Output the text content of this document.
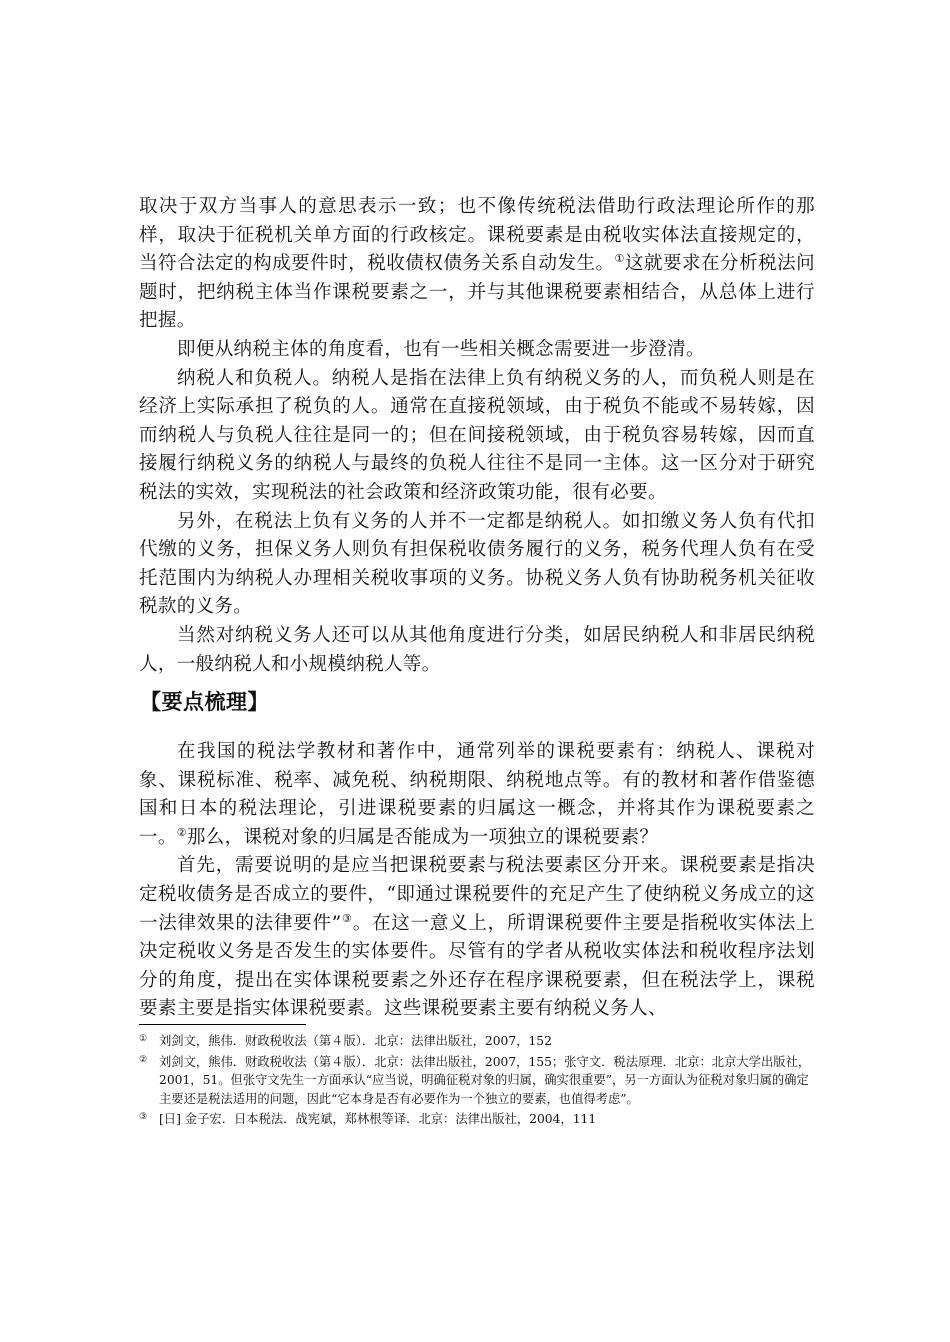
取决于双方当事人的意思表示一致；也不像传统税法借助行政法理论所作的那样，取决于征税机关单方面的行政核定。课税要素是由税收实体法直接规定的，当符合法定的构成要件时，税收债权债务关系自动发生。①这就要求在分析税法问题时，把纳税主体当作课税要素之一，并与其他课税要素相结合，从总体上进行把握。

即便从纳税主体的角度看，也有一些相关概念需要进一步澄清。

纳税人和负税人。纳税人是指在法律上负有纳税义务的人，而负税人则是在经济上实际承担了税负的人。通常在直接税领域，由于税负不能或不易转嫁，因而纳税人与负税人往往是同一的；但在间接税领域，由于税负容易转嫁，因而直接履行纳税义务的纳税人与最终的负税人往往不是同一主体。这一区分对于研究税法的实效，实现税法的社会政策和经济政策功能，很有必要。

另外，在税法上负有义务的人并不一定都是纳税人。如扣缴义务人负有代扣代缴的义务，担保义务人则负有担保税收债务履行的义务，税务代理人负有在受托范围内为纳税人办理相关税收事项的义务。协税义务人负有协助税务机关征收税款的义务。

当然对纳税义务人还可以从其他角度进行分类，如居民纳税人和非居民纳税人，一般纳税人和小规模纳税人等。

【要点梳理】

在我国的税法学教材和著作中，通常列举的课税要素有：纳税人、课税对象、课税标准、税率、减免税、纳税期限、纳税地点等。有的教材和著作借鉴德国和日本的税法理论，引进课税要素的归属这一概念，并将其作为课税要素之一。②那么，课税对象的归属是否能成为一项独立的课税要素？

首先，需要说明的是应当把课税要素与税法要素区分开来。课税要素是指决定税收债务是否成立的要件，“即通过课税要件的充足产生了使纳税义务成立的这一法律效果的法律要件”③。在这一意义上，所谓课税要件主要是指税收实体法上决定税收义务是否发生的实体要件。尽管有的学者从税收实体法和税收程序法划分的角度，提出在实体课税要素之外还存在程序课税要素，但在税法学上，课税要素主要是指实体课税要素。这些课税要素主要有纳税义务人、

① 刘剑文，熊伟．财政税收法（第４版）．北京：法律出版社，2007，152
② 刘剑文，熊伟．财政税收法（第４版）．北京：法律出版社，2007，155；张守文．税法原理．北京：北京大学出版社，2001，51。但张守文先生一方面承认“应当说，明确征税对象的归属，确实很重要”，另一方面认为征税对象归属的确定主要还是税法适用的问题，因此“它本身是否有必要作为一个独立的要素，也值得考虑”。
③ [日] 金子宏．日本税法．战宪斌，郑林根等译．北京：法律出版社，2004，111
